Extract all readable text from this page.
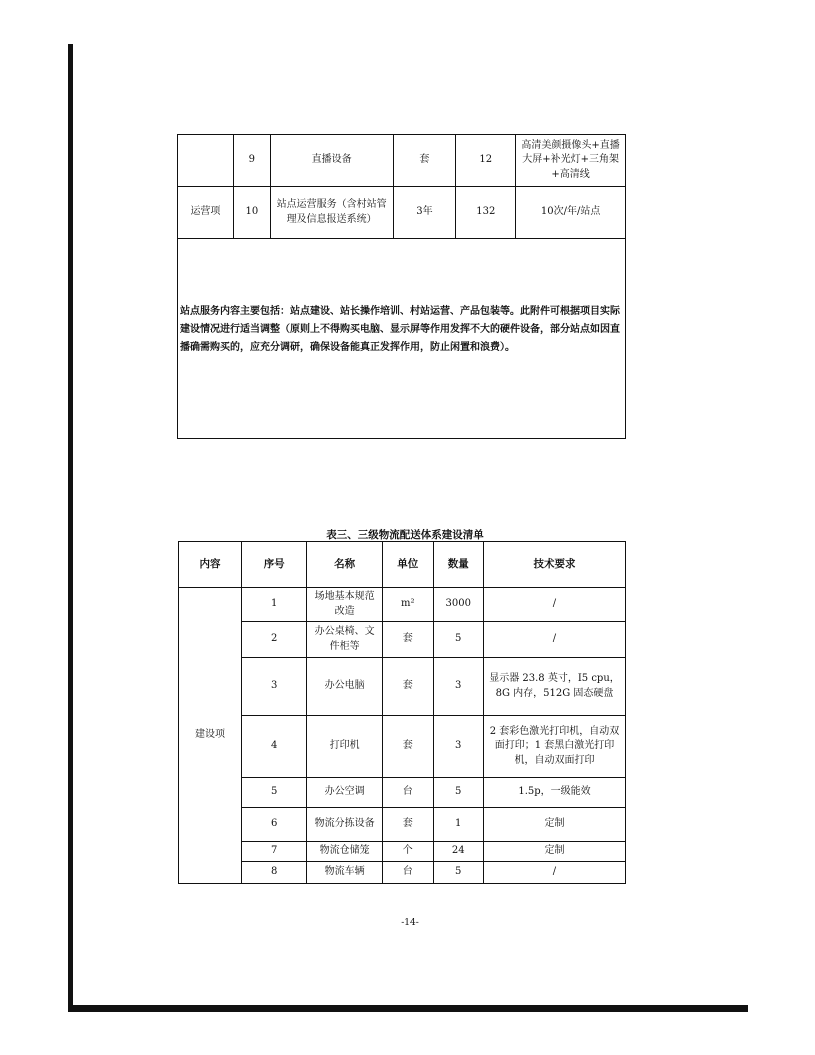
	9	直播设备	套	12	高清美颜摄像头+直播大屏+补光灯+三角架+高清线
运营项	10	站点运营服务（含村站管理及信息报送系统）	3年	132	10次/年/站点

站点服务内容主要包括：站点建设、站长操作培训、村站运营、产品包装等。此附件可根据项目实际建设情况进行适当调整（原则上不得购买电脑、显示屏等作用发挥不大的硬件设备，部分站点如因直播确需购买的，应充分调研，确保设备能真正发挥作用，防止闲置和浪费）。
表三、三级物流配送体系建设清单
内容	序号	名称	单位	数量	技术要求
建设项	1	场地基本规范改造	m²	3000	/
	2	办公桌椅、文件柜等	套	5	/
	3	办公电脑	套	3	显示器 23.8 英寸，I5 cpu，8G 内存，512G 固态硬盘
	4	打印机	套	3	2 套彩色激光打印机，自动双面打印；1 套黑白激光打印机，自动双面打印
	5	办公空调	台	5	1.5p，一级能效
	6	物流分拣设备	套	1	定制
	7	物流仓储笼	个	24	定制
	8	物流车辆	台	5	/
-14-
